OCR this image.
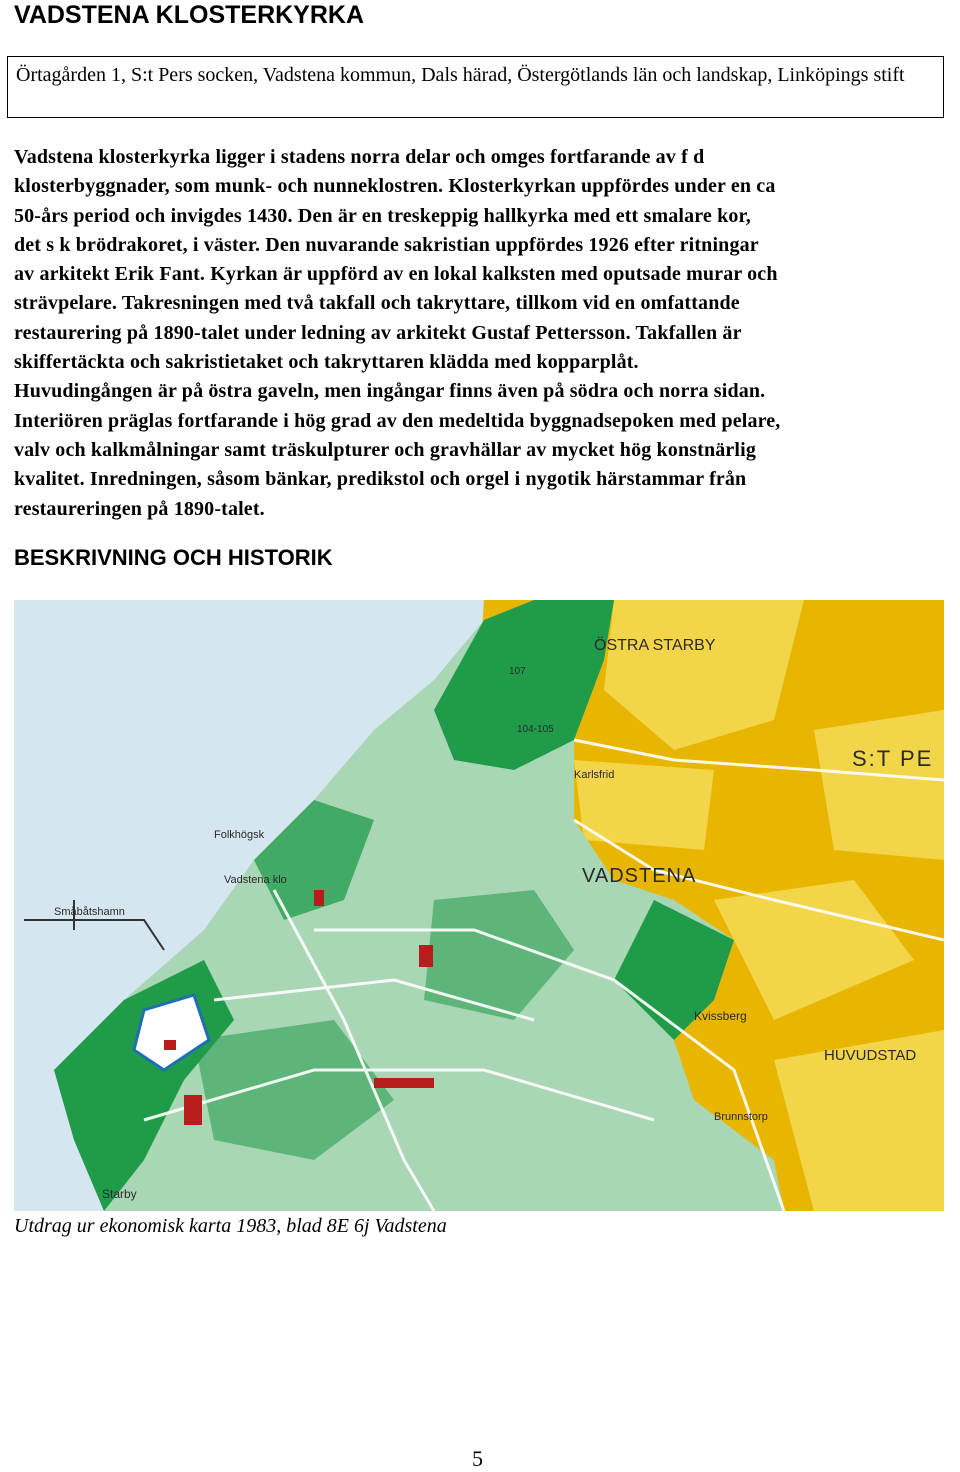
VADSTENA KLOSTERKYRKA
Örtagården 1, S:t Pers socken, Vadstena kommun, Dals härad, Östergötlands län och landskap, Linköpings stift

Vadstena klosterkyrka ligger i stadens norra delar och omges fortfarande av f d
klosterbyggnader, som munk- och nunneklostren. Klosterkyrkan uppfördes under en ca
50-års period och invigdes 1430. Den är en treskeppig hallkyrka med ett smalare kor,
det s k brödrakoret, i väster. Den nuvarande sakristian uppfördes 1926 efter ritningar
av arkitekt Erik Fant. Kyrkan är uppförd av en lokal kalksten med oputsade murar och
strävpelare. Takresningen med två takfall och takryttare, tillkom vid en omfattande
restaurering på 1890-talet under ledning av arkitekt Gustaf Pettersson. Takfallen är
skiffertäckta och sakristietaket och takryttaren klädda med kopparplåt.
Huvudingången är på östra gaveln, men ingångar finns även på södra och norra sidan.
Interiören präglas fortfarande i hög grad av den medeltida byggnadsepoken med pelare,
valv och kalkmålningar samt träskulpturer och gravhällar av mycket hög konstnärlig
kvalitet. Inredningen, såsom bänkar, predikstol och orgel i nygotik härstammar från
restaureringen på 1890-talet.

BESKRIVNING OCH HISTORIK
ÖSTRA STARBY
S:T PE
VADSTENA
HUVUDSTAD
Kvissberg
Starby
Vadstena klo
Folkhögsk
Brunnstorp
Karlsfrid
Småbåtshamn
107
104-105

Utdrag ur ekonomisk karta 1983, blad 8E 6j Vadstena

5
